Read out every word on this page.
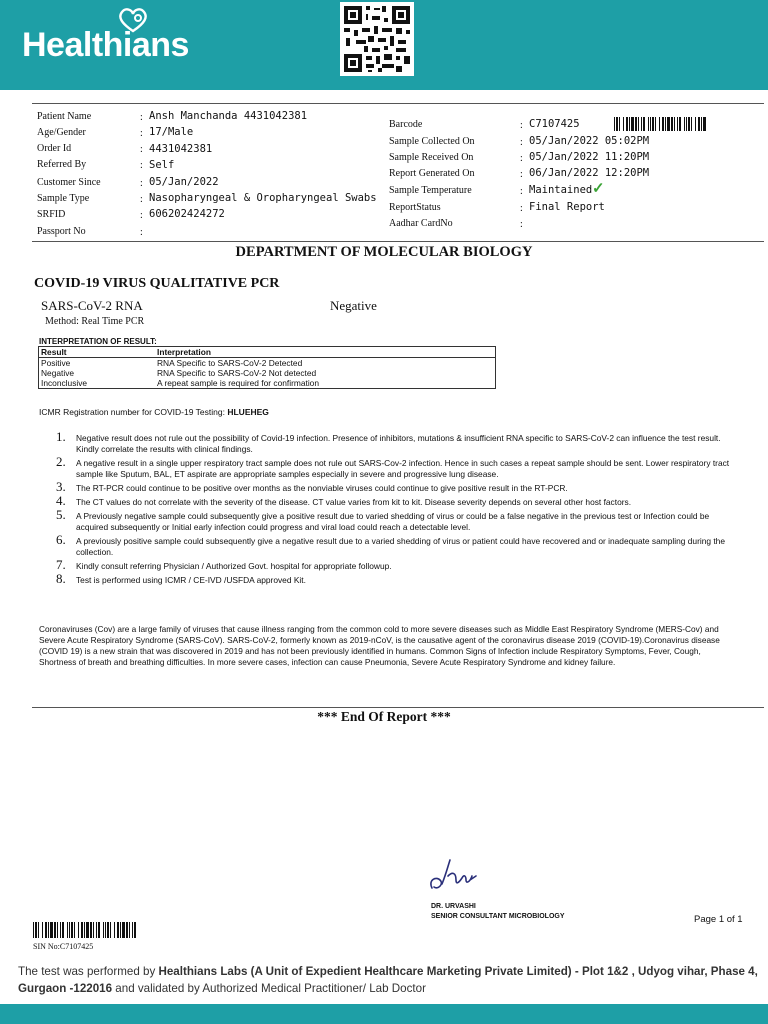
Healthians
Patient Name	: Ansh Manchanda 4431042381
Age/Gender	: 17/Male
Order Id	: 4431042381
Referred By	: Self
Customer Since	: 05/Jan/2022
Sample Type	: Nasopharyngeal & Oropharyngeal Swabs
SRFID	: 606202424272
Passport No	:
Barcode	: C7107425
Sample Collected On	: 05/Jan/2022 05:02PM
Sample Received On	: 05/Jan/2022 11:20PM
Report Generated On	: 06/Jan/2022 12:20PM
Sample Temperature	: Maintained ✓
ReportStatus	: Final Report
Aadhar CardNo	:
DEPARTMENT OF MOLECULAR BIOLOGY
COVID-19 VIRUS QUALITATIVE PCR
SARS-CoV-2 RNA	Negative
Method: Real Time PCR
INTERPRETATION OF RESULT:
Result	Interpretation
Positive	RNA Specific to SARS-CoV-2 Detected
Negative	RNA Specific to SARS-CoV-2 Not detected
Inconclusive	A repeat sample is required for confirmation
ICMR Registration number for COVID-19 Testing: HLUEHEG
1. Negative result does not rule out the possibility of Covid-19 infection. Presence of inhibitors, mutations & insufficient RNA specific to SARS-CoV-2 can influence the test result. Kindly correlate the results with clinical findings.
2. A negative result in a single upper respiratory tract sample does not rule out SARS-Cov-2 infection. Hence in such cases a repeat sample should be sent. Lower respiratory tract sample like Sputum, BAL, ET aspirate are appropriate samples especially in severe and progressive lung disease.
3. The RT-PCR could continue to be positive over months as the nonviable viruses could continue to give positive result in the RT-PCR.
4. The CT values do not correlate with the severity of the disease. CT value varies from kit to kit. Disease severity depends on several other host factors.
5. A Previously negative sample could subsequently give a positive result due to varied shedding of virus or could be a false negative in the previous test or Infection could be acquired subsequently or Initial early infection could progress and viral load could reach a detectable level.
6. A previously positive sample could subsequently give a negative result due to a varied shedding of virus or patient could have recovered and or inadequate sampling during the collection.
7. Kindly consult referring Physician / Authorized Govt. hospital for appropriate followup.
8. Test is performed using ICMR / CE-IVD /USFDA approved Kit.
Coronaviruses (Cov) are a large family of viruses that cause illness ranging from the common cold to more severe diseases such as Middle East Respiratory Syndrome (MERS-Cov) and Severe Acute Respiratory Syndrome (SARS-CoV). SARS-CoV-2, formerly known as 2019-nCoV, is the causative agent of the coronavirus disease 2019 (COVID-19).Coronavirus disease (COVID 19) is a new strain that was discovered in 2019 and has not been previously identified in humans. Common Signs of Infection include Respiratory Symptoms, Fever, Cough, Shortness of breath and breathing difficulties. In more severe cases, infection can cause Pneumonia, Severe Acute Respiratory Syndrome and kidney failure.
*** End Of Report ***
DR. URVASHI
SENIOR CONSULTANT MICROBIOLOGY	Page 1 of 1
SIN No:C7107425
The test was performed by Healthians Labs (A Unit of Expedient Healthcare Marketing Private Limited) - Plot 1&2 , Udyog vihar, Phase 4, Gurgaon -122016 and validated by Authorized Medical Practitioner/ Lab Doctor
